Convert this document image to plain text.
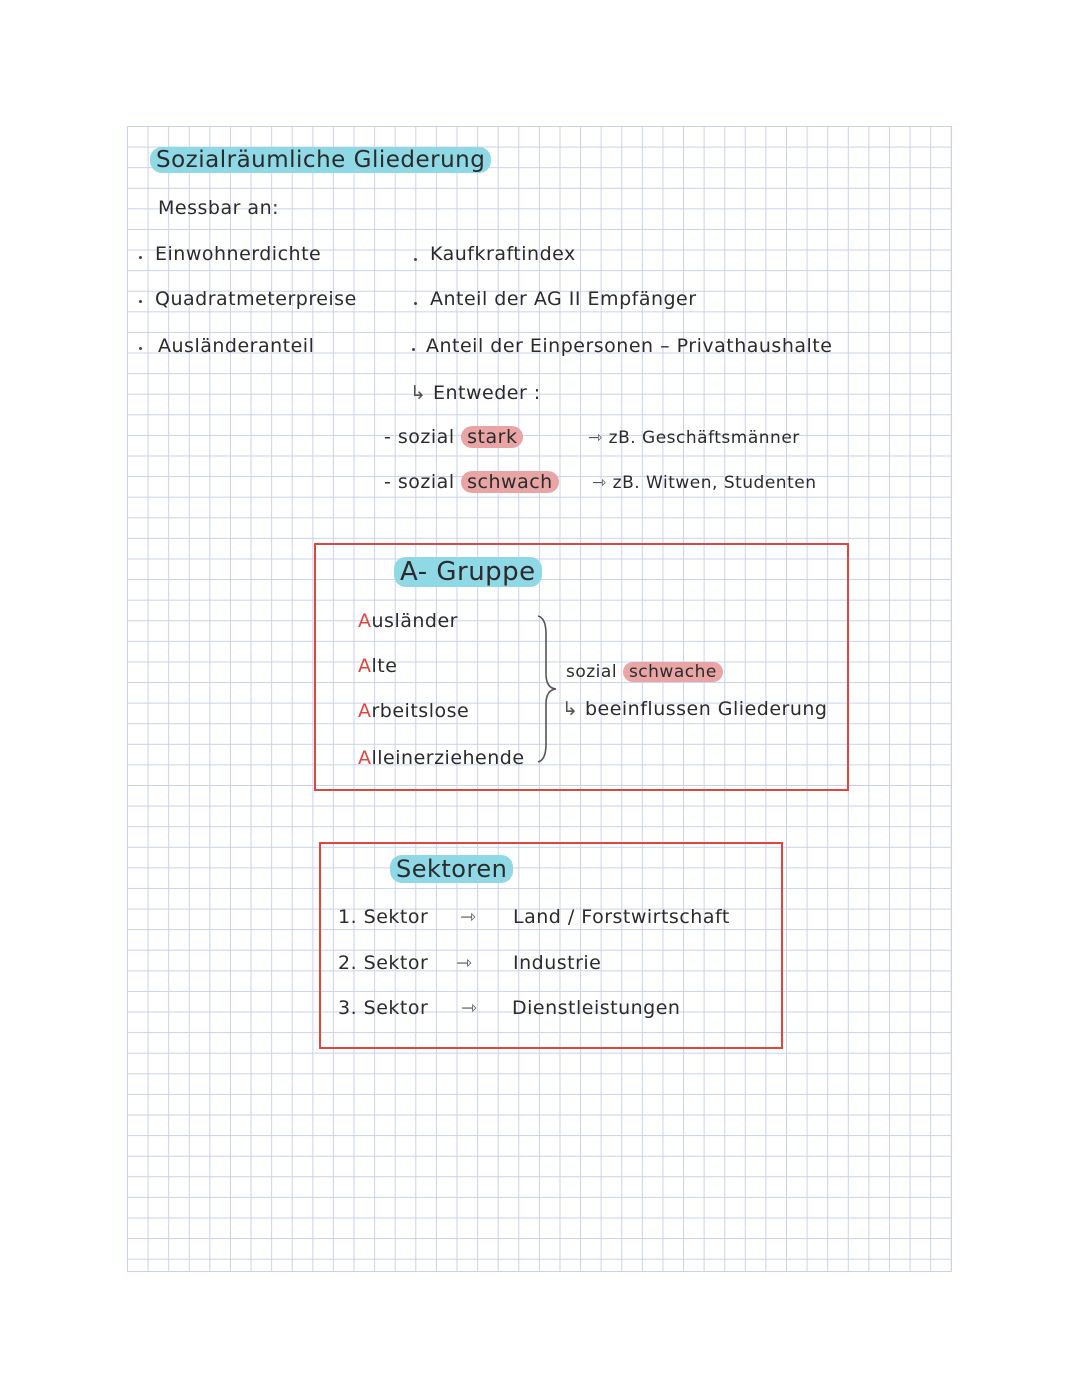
Sozialräumliche Gliederung
Messbar an:
Einwohnerdichte
Quadratmeterpreise
Ausländeranteil
Kaufkraftindex
Anteil der AG II Empfänger
Anteil der Einpersonen – Privathaushalte
↳ Entweder :
- sozial stark	⇾ zB. Geschäftsmänner
- sozial schwach	⇾ zB. Witwen, Studenten
A- Gruppe
Ausländer
Alte
Arbeitslose
Alleinerziehende
sozial schwache
↳ beeinflussen Gliederung
Sektoren
1. Sektor ⇾ Land / Forstwirtschaft
2. Sektor ⇾ Industrie
3. Sektor ⇾ Dienstleistungen
